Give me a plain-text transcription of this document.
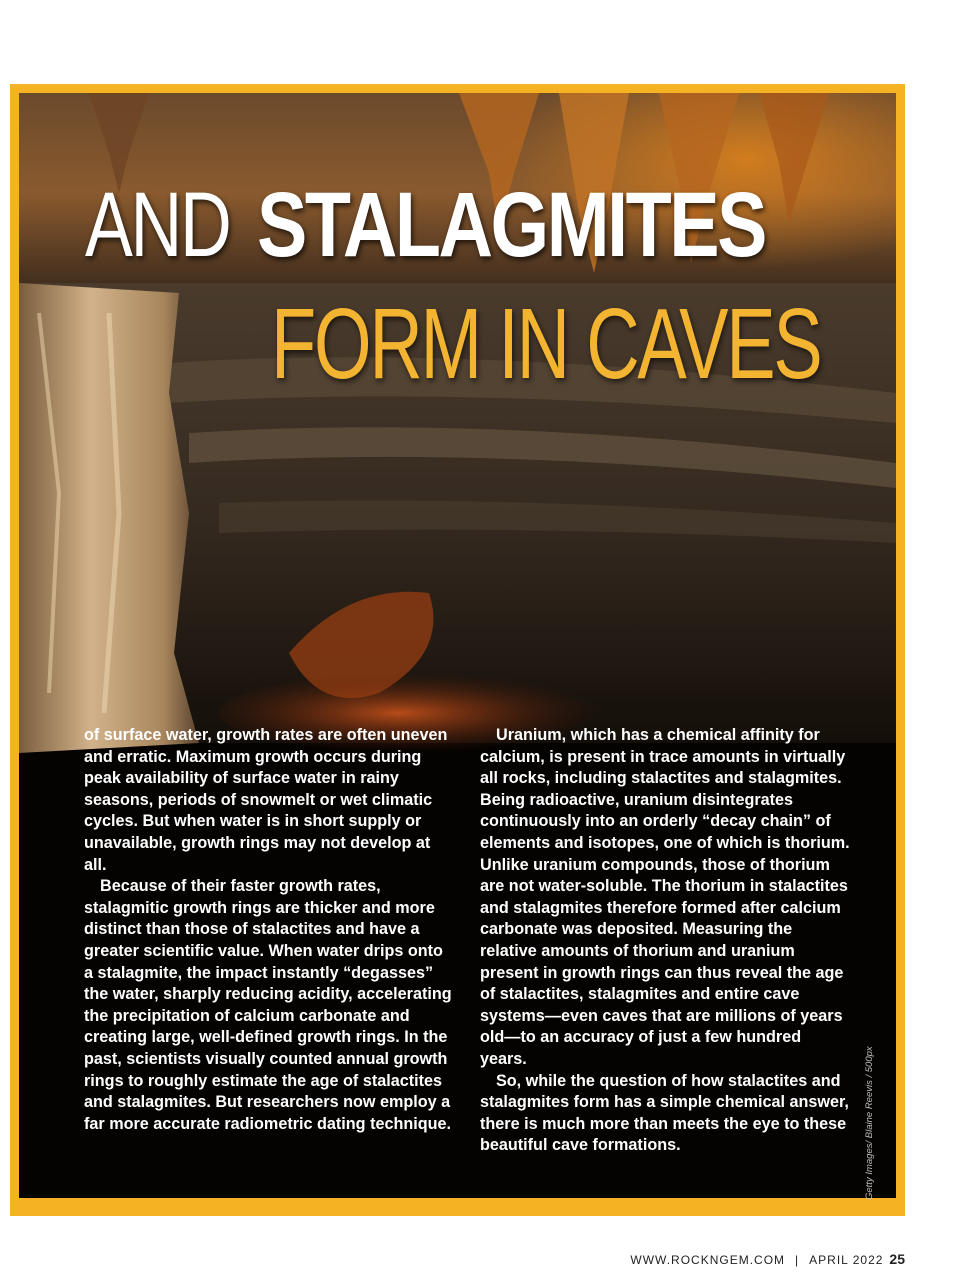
AND STALAGMITES
FORM IN CAVES

of surface water, growth rates are often uneven and erratic. Maximum growth occurs during peak availability of surface water in rainy seasons, periods of snowmelt or wet climatic cycles. But when water is in short supply or unavailable, growth rings may not develop at all.

Because of their faster growth rates, stalagmitic growth rings are thicker and more distinct than those of stalactites and have a greater scientific value. When water drips onto a stalagmite, the impact instantly “degasses” the water, sharply reducing acidity, accelerating the precipitation of calcium carbonate and creating large, well-defined growth rings. In the past, scientists visually counted annual growth rings to roughly estimate the age of stalactites and stalagmites. But researchers now employ a far more accurate radiometric dating technique.

Uranium, which has a chemical affinity for calcium, is present in trace amounts in virtually all rocks, including stalactites and stalagmites. Being radioactive, uranium disintegrates continuously into an orderly “decay chain” of elements and isotopes, one of which is thorium. Unlike uranium compounds, those of thorium are not water-soluble. The thorium in stalactites and stalagmites therefore formed after calcium carbonate was deposited. Measuring the relative amounts of thorium and uranium present in growth rings can thus reveal the age of stalactites, stalagmites and entire cave systems—even caves that are millions of years old—to an accuracy of just a few hundred years.

So, while the question of how stalactites and stalagmites form has a simple chemical answer, there is much more than meets the eye to these beautiful cave formations.	Getty Images/ Blaine Reevis / 500px
WWW.ROCKNGEM.COM | APRIL 2022 25
